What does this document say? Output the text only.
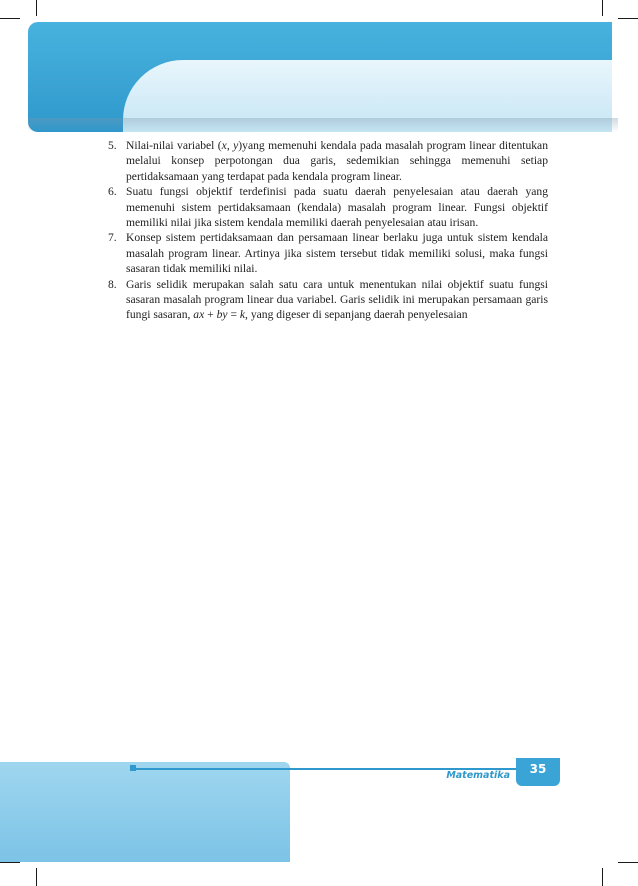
5. Nilai-nilai variabel (x, y)yang memenuhi kendala pada masalah program linear ditentukan melalui konsep perpotongan dua garis, sedemikian sehingga memenuhi setiap pertidaksamaan yang terdapat pada kendala program linear.
6. Suatu fungsi objektif terdefinisi pada suatu daerah penyelesaian atau daerah yang memenuhi sistem pertidaksamaan (kendala) masalah program linear. Fungsi objektif memiliki nilai jika sistem kendala memiliki daerah penyelesaian atau irisan.
7. Konsep sistem pertidaksamaan dan persamaan linear berlaku juga untuk sistem kendala masalah program linear. Artinya jika sistem tersebut tidak memiliki solusi, maka fungsi sasaran tidak memiliki nilai.
8. Garis selidik merupakan salah satu cara untuk menentukan nilai objektif suatu fungsi sasaran masalah program linear dua variabel. Garis selidik ini merupakan persamaan garis fungi sasaran, ax + by = k, yang digeser di sepanjang daerah penyelesaian
Matematika	35
